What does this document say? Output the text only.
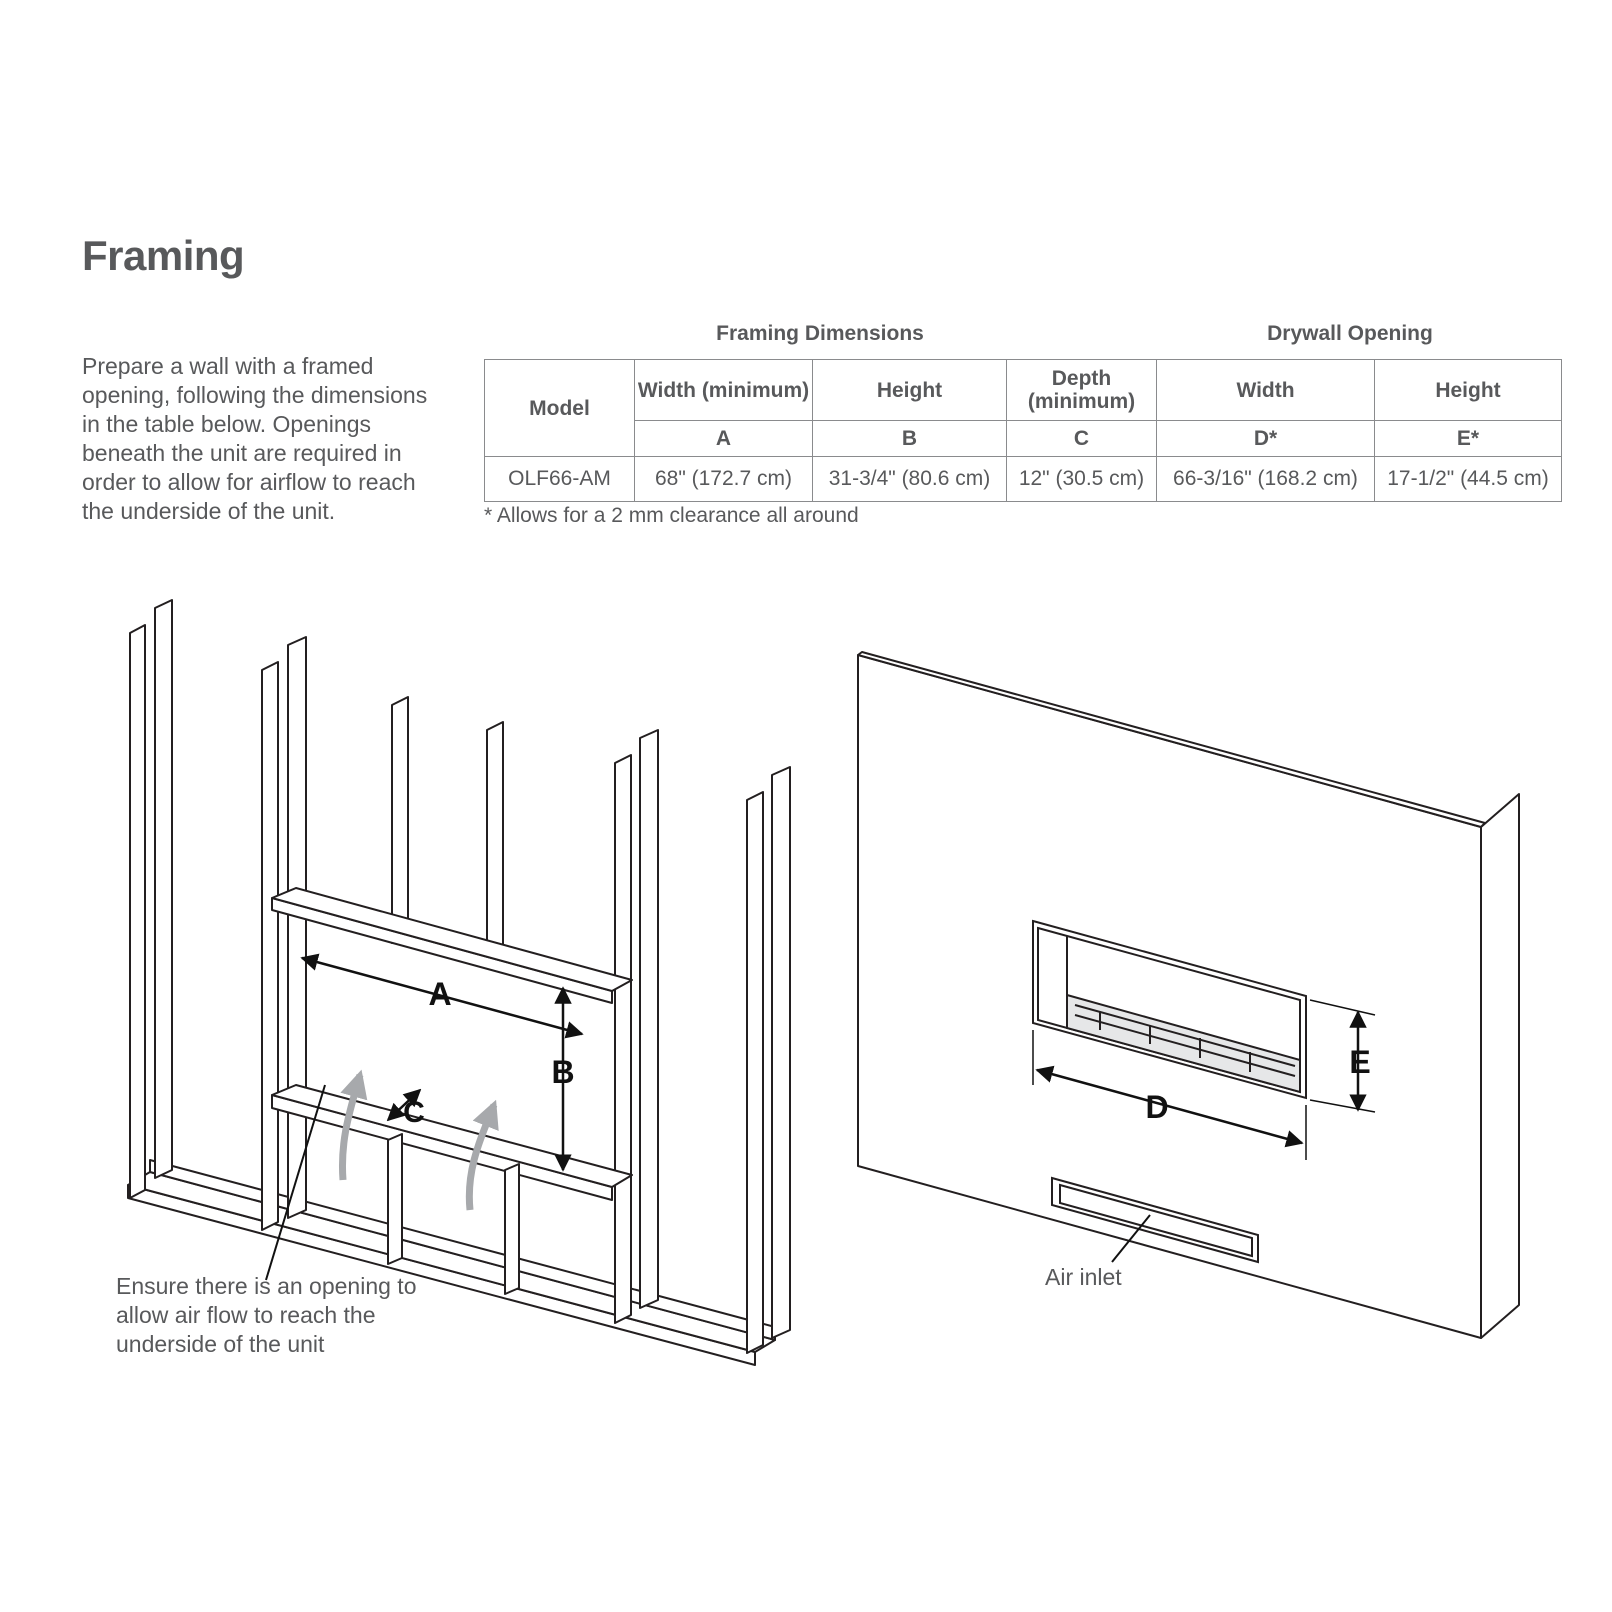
Framing

Prepare a wall with a framed opening, following the dimensions in the table below. Openings beneath the unit are required in order to allow for airflow to reach the underside of the unit.

Framing Dimensions	Drywall Opening
Model	Width (minimum)	Height	Depth (minimum)	Width	Height
	A	B	C	D*	E*
OLF66-AM	68" (172.7 cm)	31-3/4" (80.6 cm)	12" (30.5 cm)	66-3/16" (168.2 cm)	17-1/2" (44.5 cm)

* Allows for a 2 mm clearance all around

A
B
C	D
E

Ensure there is an opening to allow air flow to reach the underside of the unit

Air inlet
